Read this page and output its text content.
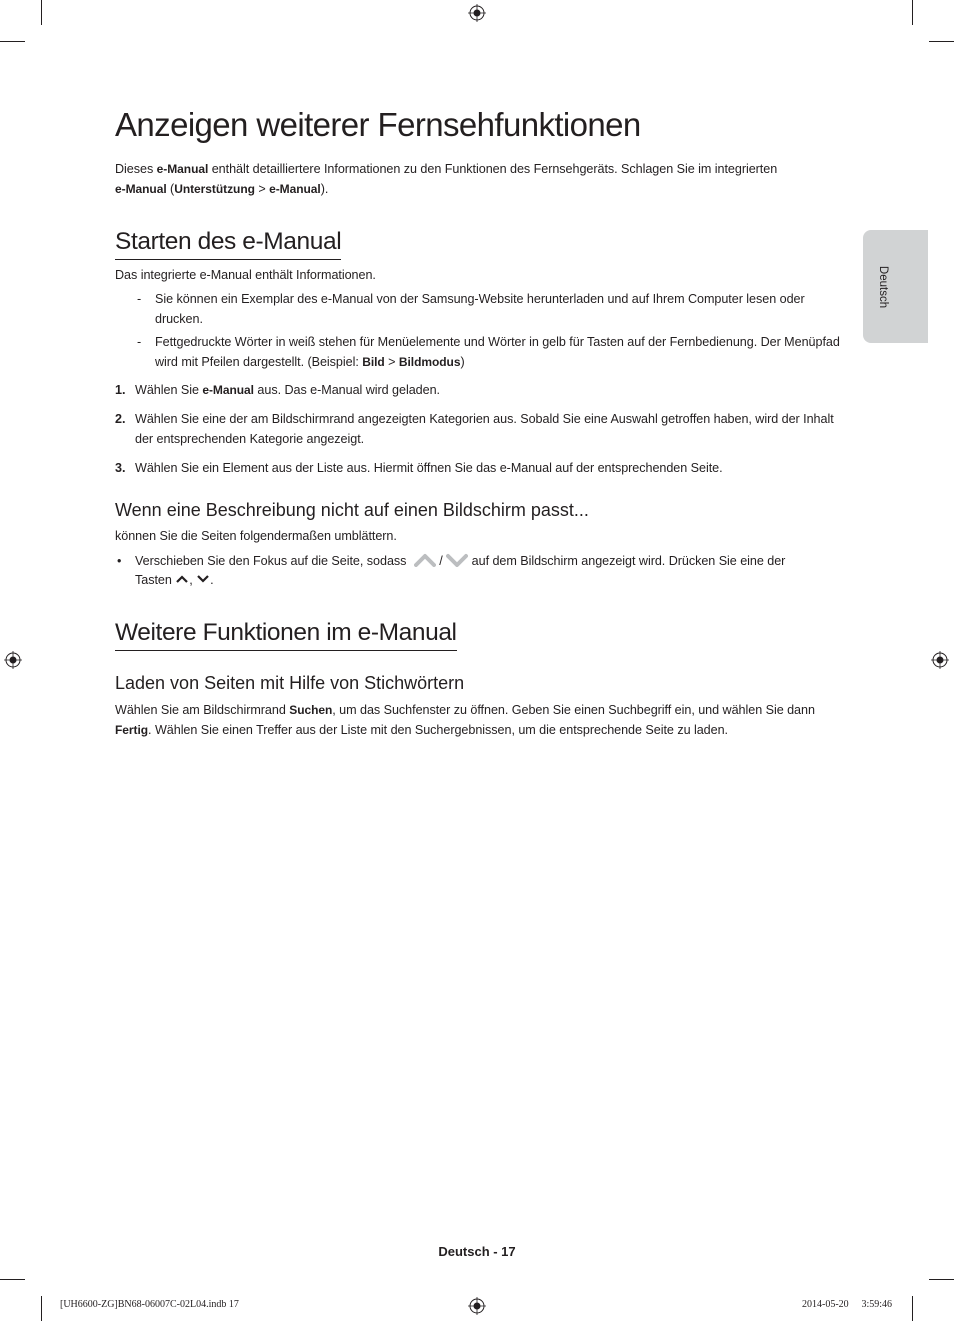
Deutsch
Anzeigen weiterer Fernsehfunktionen
Dieses e-Manual enthält detailliertere Informationen zu den Funktionen des Fernsehgeräts. Schlagen Sie im integrierten
e-Manual (Unterstützung > e-Manual).
Starten des e-Manual
Das integrierte e-Manual enthält Informationen.
- Sie können ein Exemplar des e-Manual von der Samsung-Website herunterladen und auf Ihrem Computer lesen oder drucken.
- Fettgedruckte Wörter in weiß stehen für Menüelemente und Wörter in gelb für Tasten auf der Fernbedienung. Der Menüpfad wird mit Pfeilen dargestellt. (Beispiel: Bild > Bildmodus)
1. Wählen Sie e-Manual aus. Das e-Manual wird geladen.
2. Wählen Sie eine der am Bildschirmrand angezeigten Kategorien aus. Sobald Sie eine Auswahl getroffen haben, wird der Inhalt der entsprechenden Kategorie angezeigt.
3. Wählen Sie ein Element aus der Liste aus. Hiermit öffnen Sie das e-Manual auf der entsprechenden Seite.
Wenn eine Beschreibung nicht auf einen Bildschirm passt...
können Sie die Seiten folgendermaßen umblättern.
• Verschieben Sie den Fokus auf die Seite, sodass	/ auf dem Bildschirm angezeigt wird. Drücken Sie eine der
Tasten , .
Weitere Funktionen im e-Manual
Laden von Seiten mit Hilfe von Stichwörtern
Wählen Sie am Bildschirmrand Suchen, um das Suchfenster zu öffnen. Geben Sie einen Suchbegriff ein, und wählen Sie dann
Fertig. Wählen Sie einen Treffer aus der Liste mit den Suchergebnissen, um die entsprechende Seite zu laden.
Deutsch - 17
[UH6600-ZG]BN68-06007C-02L04.indb 17	2014-05-20 ￿ 3:59:46
